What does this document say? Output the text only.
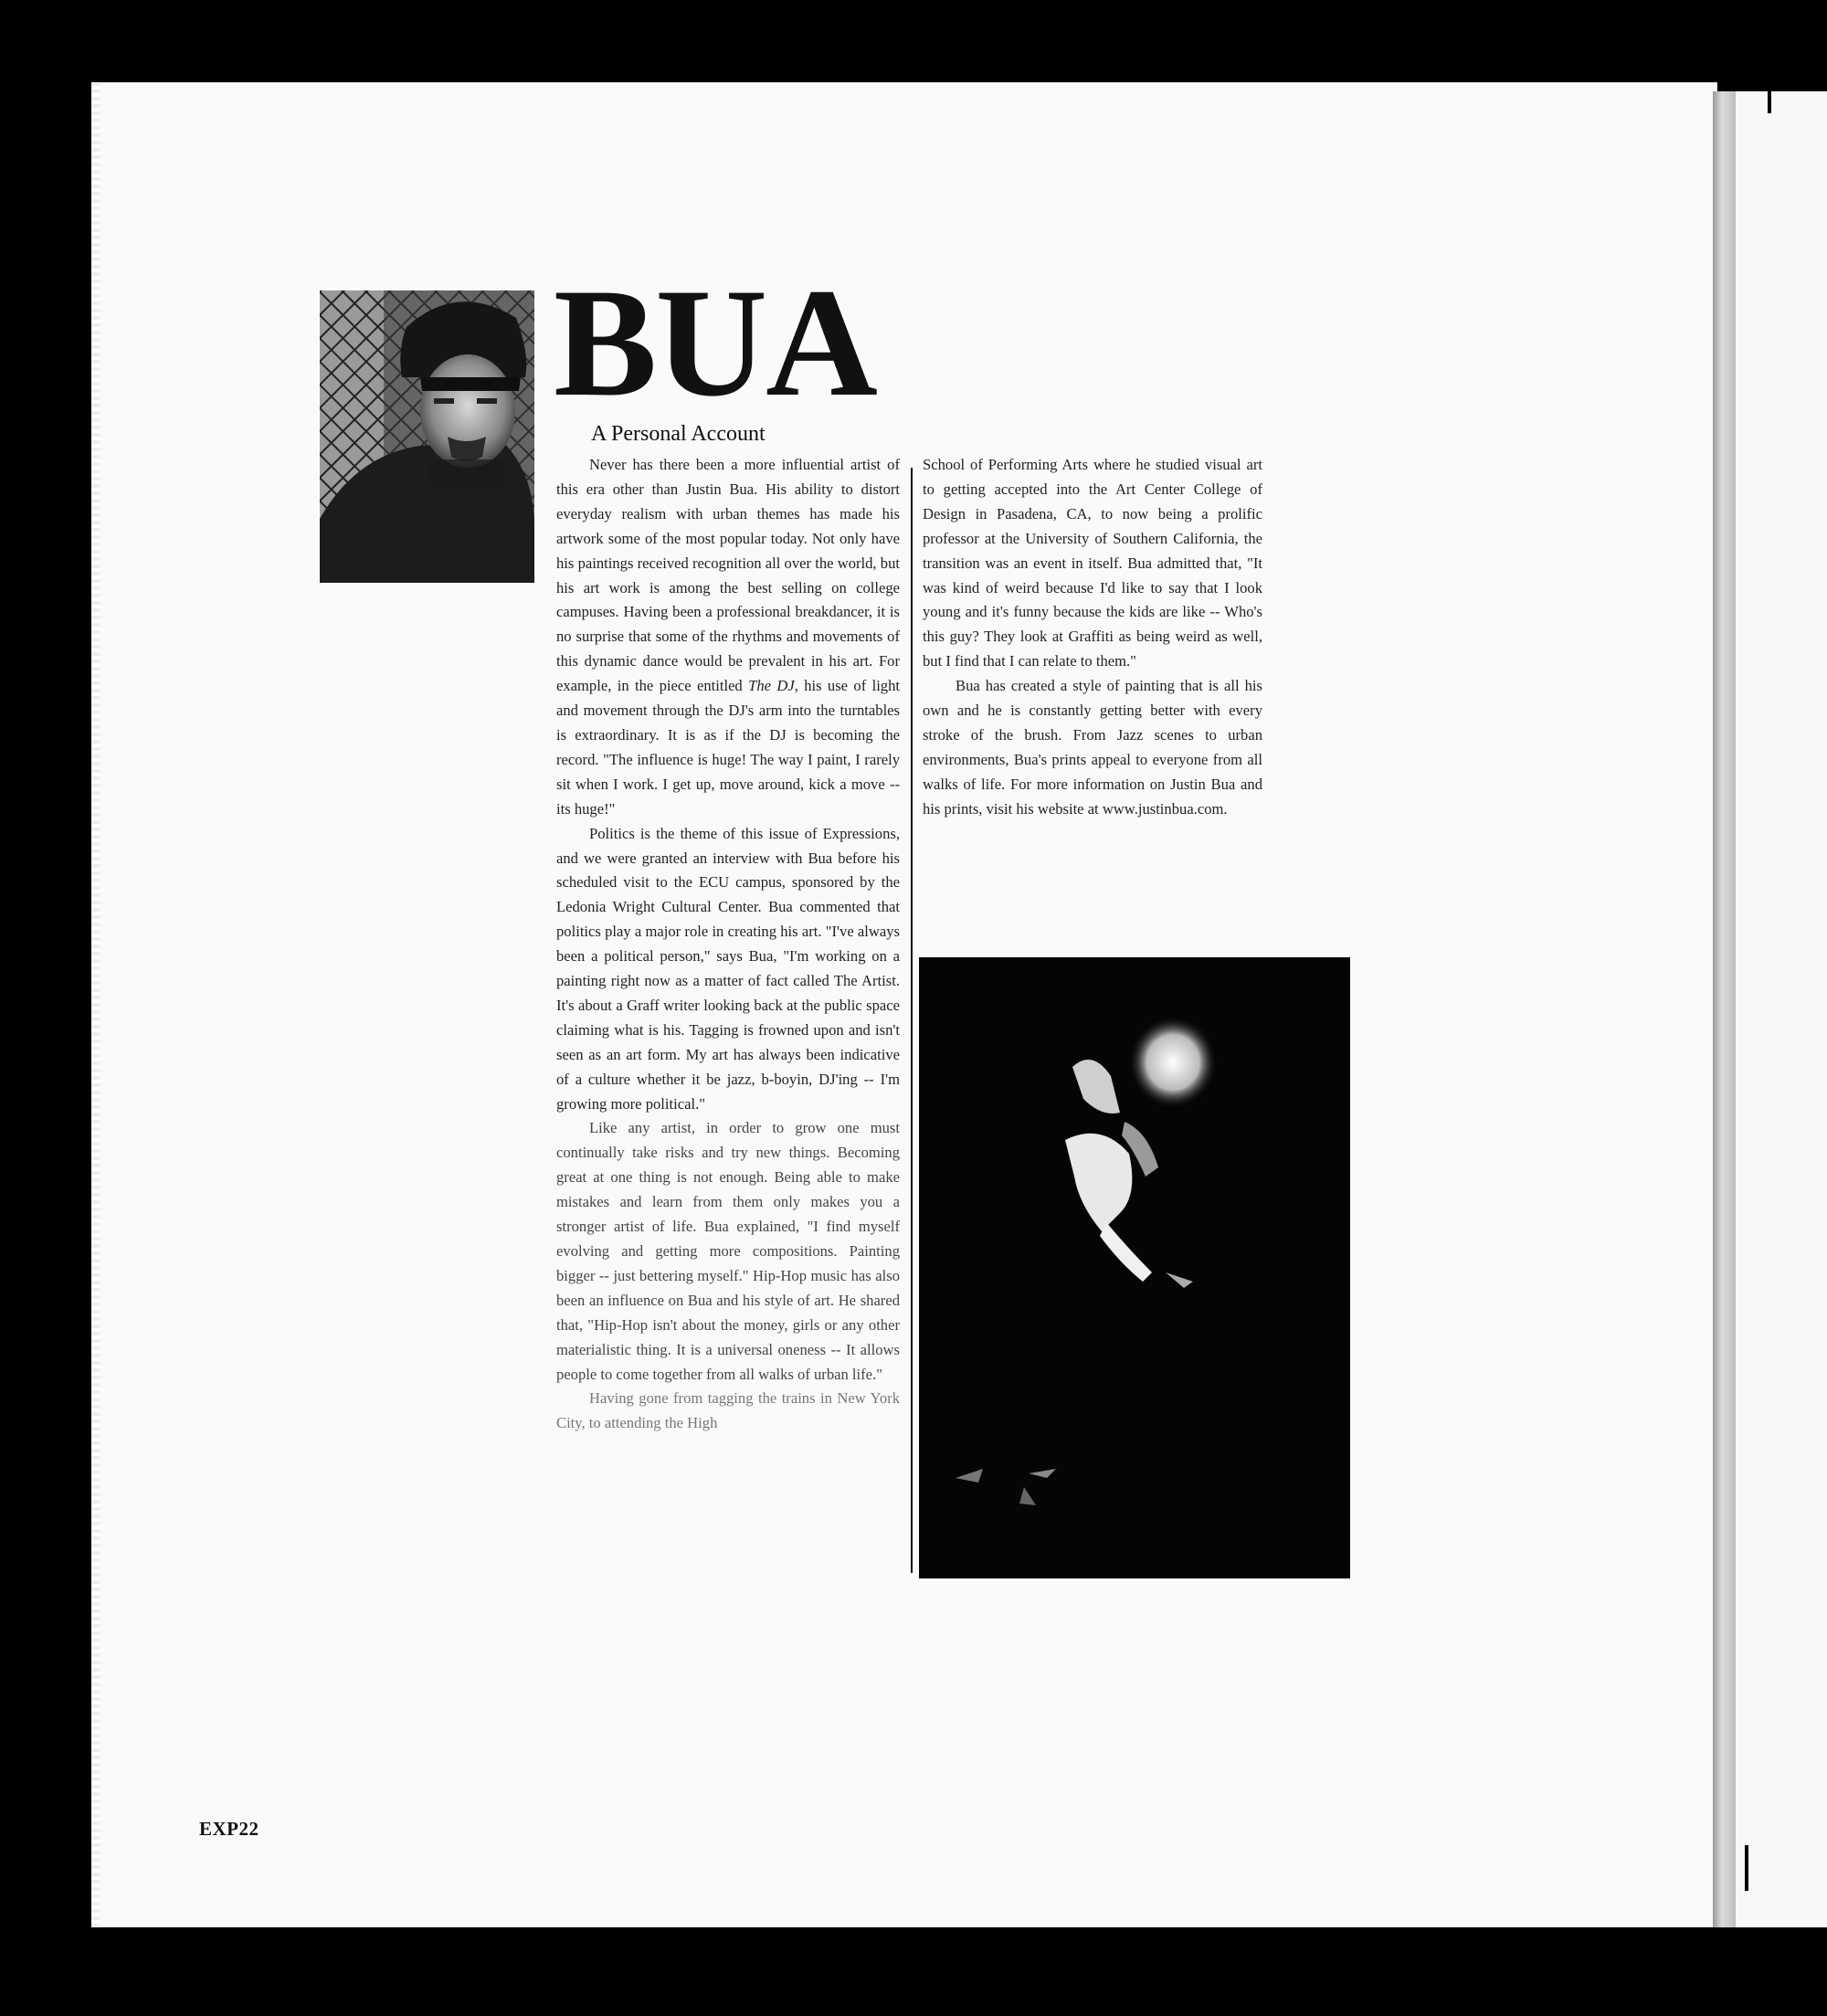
BUA
A Personal Account

Never has there been a more influential artist of this era other than Justin Bua. His ability to distort everyday realism with urban themes has made his artwork some of the most popular today. Not only have his paintings received recognition all over the world, but his art work is among the best selling on college campuses. Having been a professional breakdancer, it is no surprise that some of the rhythms and movements of this dynamic dance would be prevalent in his art. For example, in the piece entitled The DJ, his use of light and movement through the DJ's arm into the turntables is extraordinary. It is as if the DJ is becoming the record. "The influence is huge! The way I paint, I rarely sit when I work. I get up, move around, kick a move -- its huge!"

Politics is the theme of this issue of Expressions, and we were granted an interview with Bua before his scheduled visit to the ECU campus, sponsored by the Ledonia Wright Cultural Center. Bua commented that politics play a major role in creating his art. "I've always been a political person," says Bua, "I'm working on a painting right now as a matter of fact called The Artist. It's about a Graff writer looking back at the public space claiming what is his. Tagging is frowned upon and isn't seen as an art form. My art has always been indicative of a culture whether it be jazz, b-boyin, DJ'ing -- I'm growing more political."

Like any artist, in order to grow one must continually take risks and try new things. Becoming great at one thing is not enough. Being able to make mistakes and learn from them only makes you a stronger artist of life. Bua explained, "I find myself evolving and getting more compositions. Painting bigger -- just bettering myself." Hip-Hop music has also been an influence on Bua and his style of art. He shared that, "Hip-Hop isn't about the money, girls or any other materialistic thing. It is a universal oneness -- It allows people to come together from all walks of urban life."

Having gone from tagging the trains in New York City, to attending the High

School of Performing Arts where he studied visual art to getting accepted into the Art Center College of Design in Pasadena, CA, to now being a prolific professor at the University of Southern California, the transition was an event in itself. Bua admitted that, "It was kind of weird because I'd like to say that I look young and it's funny because the kids are like -- Who's this guy? They look at Graffiti as being weird as well, but I find that I can relate to them."

Bua has created a style of painting that is all his own and he is constantly getting better with every stroke of the brush. From Jazz scenes to urban environments, Bua's prints appeal to everyone from all walks of life. For more information on Justin Bua and his prints, visit his website at www.justinbua.com.

EXP22
